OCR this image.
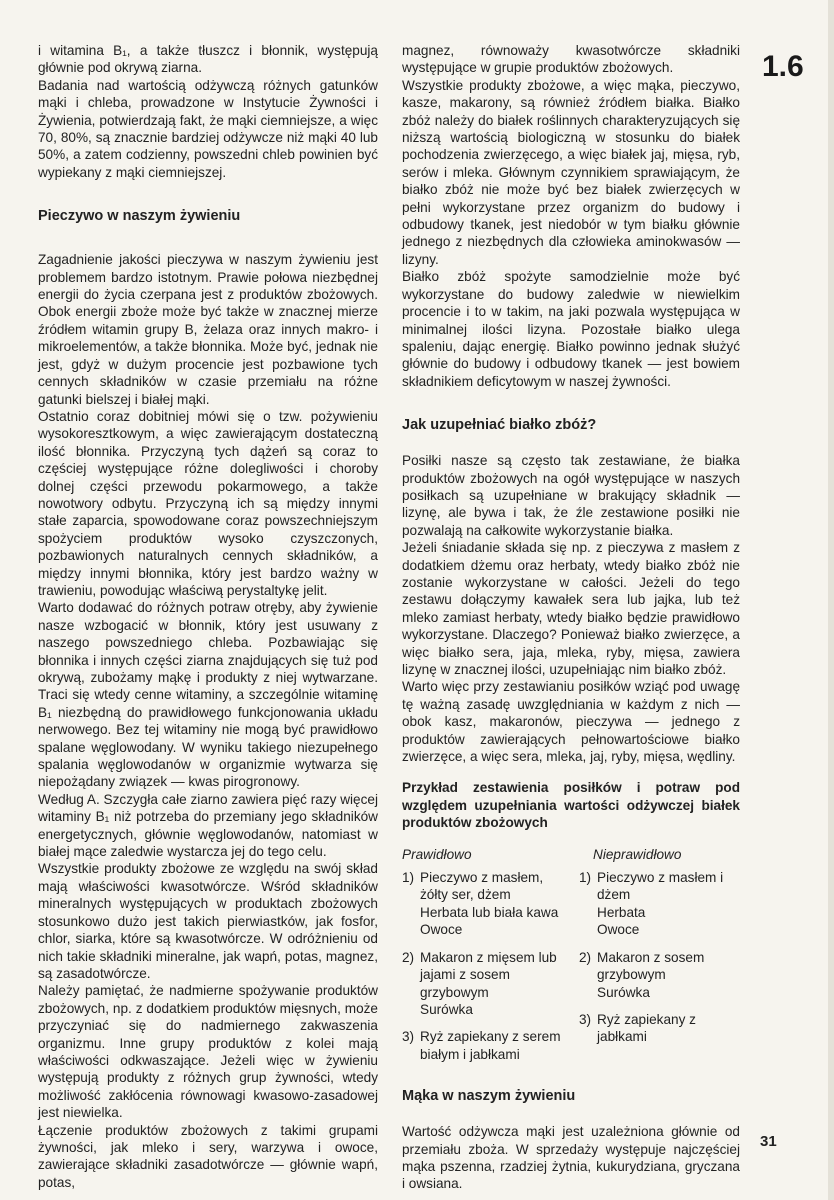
1.6

i witamina B₁, a także tłuszcz i błonnik, występują głównie pod okrywą ziarna.

Badania nad wartością odżywczą różnych gatunków mąki i chleba, prowadzone w Instytucie Żywności i Żywienia, potwierdzają fakt, że mąki ciemniejsze, a więc 70, 80%, są znacznie bardziej odżywcze niż mąki 40 lub 50%, a zatem codzienny, powszedni chleb powinien być wypiekany z mąki ciemniejszej.

Pieczywo w naszym żywieniu

Zagadnienie jakości pieczywa w naszym żywieniu jest problemem bardzo istotnym. Prawie połowa niezbędnej energii do życia czerpana jest z produktów zbożowych. Obok energii zboże może być także w znacznej mierze źródłem witamin grupy B, żelaza oraz innych makro- i mikroelementów, a także błonnika. Może być, jednak nie jest, gdyż w dużym procencie jest pozbawione tych cennych składników w czasie przemiału na różne gatunki bielszej i białej mąki.

Ostatnio coraz dobitniej mówi się o tzw. pożywieniu wysokoresztkowym, a więc zawierającym dostateczną ilość błonnika. Przyczyną tych dążeń są coraz to częściej występujące różne dolegliwości i choroby dolnej części przewodu pokarmowego, a także nowotwory odbytu. Przyczyną ich są między innymi stałe zaparcia, spowodowane coraz powszechniejszym spożyciem produktów wysoko czyszczonych, pozbawionych naturalnych cennych składników, a między innymi błonnika, który jest bardzo ważny w trawieniu, powodując właściwą perystaltykę jelit.

Warto dodawać do różnych potraw otręby, aby żywienie nasze wzbogacić w błonnik, który jest usuwany z naszego powszedniego chleba. Pozbawiając się błonnika i innych części ziarna znajdujących się tuż pod okrywą, zubożamy mąkę i produkty z niej wytwarzane. Traci się wtedy cenne witaminy, a szczególnie witaminę B₁ niezbędną do prawidłowego funkcjonowania układu nerwowego. Bez tej witaminy nie mogą być prawidłowo spalane węglowodany. W wyniku takiego niezupełnego spalania węglowodanów w organizmie wytwarza się niepożądany związek — kwas pirogronowy.

Według A. Szczygła całe ziarno zawiera pięć razy więcej witaminy B₁ niż potrzeba do przemiany jego składników energetycznych, głównie węglowodanów, natomiast w białej mące zaledwie wystarcza jej do tego celu.

Wszystkie produkty zbożowe ze względu na swój skład mają właściwości kwasotwórcze. Wśród składników mineralnych występujących w produktach zbożowych stosunkowo dużo jest takich pierwiastków, jak fosfor, chlor, siarka, które są kwasotwórcze. W odróżnieniu od nich takie składniki mineralne, jak wapń, potas, magnez, są zasadotwórcze.

Należy pamiętać, że nadmierne spożywanie produktów zbożowych, np. z dodatkiem produktów mięsnych, może przyczyniać się do nadmiernego zakwaszenia organizmu. Inne grupy produktów z kolei mają właściwości odkwaszające. Jeżeli więc w żywieniu występują produkty z różnych grup żywności, wtedy możliwość zakłócenia równowagi kwasowo-zasadowej jest niewielka.

Łączenie produktów zbożowych z takimi grupami żywności, jak mleko i sery, warzywa i owoce, zawierające składniki zasadotwórcze — głównie wapń, potas,

magnez, równoważy kwasotwórcze składniki występujące w grupie produktów zbożowych.

Wszystkie produkty zbożowe, a więc mąka, pieczywo, kasze, makarony, są również źródłem białka. Białko zbóż należy do białek roślinnych charakteryzujących się niższą wartością biologiczną w stosunku do białek pochodzenia zwierzęcego, a więc białek jaj, mięsa, ryb, serów i mleka. Głównym czynnikiem sprawiającym, że białko zbóż nie może być bez białek zwierzęcych w pełni wykorzystane przez organizm do budowy i odbudowy tkanek, jest niedobór w tym białku głównie jednego z niezbędnych dla człowieka aminokwasów — lizyny.

Białko zbóż spożyte samodzielnie może być wykorzystane do budowy zaledwie w niewielkim procencie i to w takim, na jaki pozwala występująca w minimalnej ilości lizyna. Pozostałe białko ulega spaleniu, dając energię. Białko powinno jednak służyć głównie do budowy i odbudowy tkanek — jest bowiem składnikiem deficytowym w naszej żywności.

Jak uzupełniać białko zbóż?

Posiłki nasze są często tak zestawiane, że białka produktów zbożowych na ogół występujące w naszych posiłkach są uzupełniane w brakujący składnik — lizynę, ale bywa i tak, że źle zestawione posiłki nie pozwalają na całkowite wykorzystanie białka.

Jeżeli śniadanie składa się np. z pieczywa z masłem z dodatkiem dżemu oraz herbaty, wtedy białko zbóż nie zostanie wykorzystane w całości. Jeżeli do tego zestawu dołączymy kawałek sera lub jajka, lub też mleko zamiast herbaty, wtedy białko będzie prawidłowo wykorzystane. Dlaczego? Ponieważ białko zwierzęce, a więc białko sera, jaja, mleka, ryby, mięsa, zawiera lizynę w znacznej ilości, uzupełniając nim białko zbóż.

Warto więc przy zestawianiu posiłków wziąć pod uwagę tę ważną zasadę uwzględniania w każdym z nich — obok kasz, makaronów, pieczywa — jednego z produktów zawierających pełnowartościowe białko zwierzęce, a więc sera, mleka, jaj, ryby, mięsa, wędliny.

Przykład zestawienia posiłków i potraw pod względem uzupełniania wartości odżywczej białek produktów zbożowych

Prawidłowo	Nieprawidłowo
1) Pieczywo z masłem, żółty ser, dżem
Herbata lub biała kawa
Owoce
2) Makaron z mięsem lub jajami z sosem grzybowym
Surówka
3) Ryż zapiekany z serem białym i jabłkami
1) Pieczywo z masłem i dżem
Herbata
Owoce
2) Makaron z sosem grzybowym
Surówka
3) Ryż zapiekany z jabłkami
Mąka w naszym żywieniu

Wartość odżywcza mąki jest uzależniona głównie od przemiału zboża. W sprzedaży występuje najczęściej mąka pszenna, rzadziej żytnia, kukurydziana, gryczana i owsiana.

31
